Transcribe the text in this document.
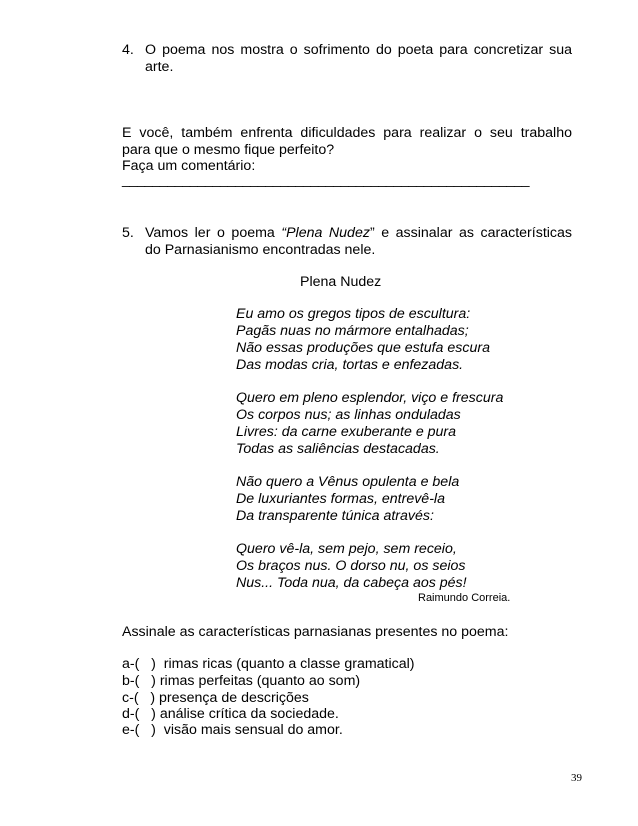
4. O poema nos mostra o sofrimento do poeta para concretizar sua
arte.
E você, também enfrenta dificuldades para realizar o seu trabalho
para que o mesmo fique perfeito?
Faça um comentário:
______________________________________________________
5. Vamos ler o poema “Plena Nudez” e assinalar as características
do Parnasianismo encontradas nele.
Plena Nudez
Eu amo os gregos tipos de escultura:
Pagãs nuas no mármore entalhadas;
Não essas produções que estufa escura
Das modas cria, tortas e enfezadas.
Quero em pleno esplendor, viço e frescura
Os corpos nus; as linhas onduladas
Livres: da carne exuberante e pura
Todas as saliências destacadas.
Não quero a Vênus opulenta e bela
De luxuriantes formas, entrevê-la
Da transparente túnica através:
Quero vê-la, sem pejo, sem receio,
Os braços nus. O dorso nu, os seios
Nus... Toda nua, da cabeça aos pés!
Raimundo Correia.
Assinale as características parnasianas presentes no poema:
a-(   )  rimas ricas (quanto a classe gramatical)
b-(   ) rimas perfeitas (quanto ao som)
c-(   ) presença de descrições
d-(   ) análise crítica da sociedade.
e-(   )  visão mais sensual do amor.
39
